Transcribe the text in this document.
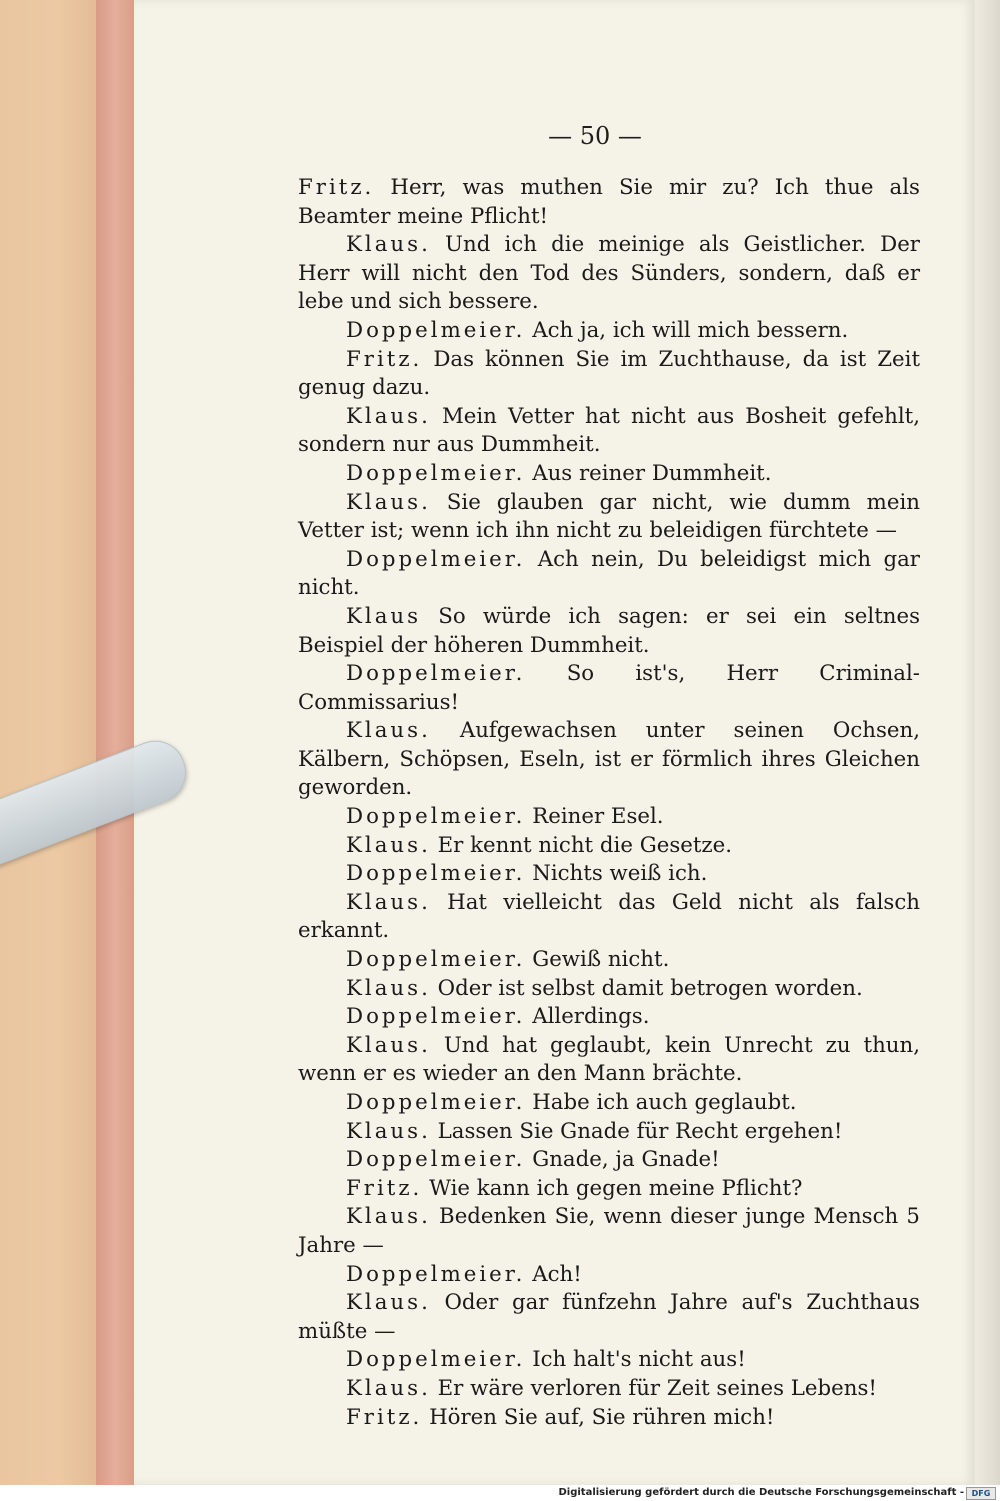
— 50 —

Fritz. Herr, was muthen Sie mir zu? Ich thue als Beamter meine Pflicht!

Klaus. Und ich die meinige als Geistlicher. Der Herr will nicht den Tod des Sünders, sondern, daß er lebe und sich bessere.

Doppelmeier. Ach ja, ich will mich bessern.

Fritz. Das können Sie im Zuchthause, da ist Zeit genug dazu.

Klaus. Mein Vetter hat nicht aus Bosheit gefehlt, sondern nur aus Dummheit.

Doppelmeier. Aus reiner Dummheit.

Klaus. Sie glauben gar nicht, wie dumm mein Vetter ist; wenn ich ihn nicht zu beleidigen fürchtete —

Doppelmeier. Ach nein, Du beleidigst mich gar nicht.

Klaus So würde ich sagen: er sei ein seltnes Beispiel der höheren Dummheit.

Doppelmeier. So ist's, Herr Criminal-Commissarius!

Klaus. Aufgewachsen unter seinen Ochsen, Kälbern, Schöpsen, Eseln, ist er förmlich ihres Gleichen geworden.

Doppelmeier. Reiner Esel.

Klaus. Er kennt nicht die Gesetze.

Doppelmeier. Nichts weiß ich.

Klaus. Hat vielleicht das Geld nicht als falsch erkannt.

Doppelmeier. Gewiß nicht.

Klaus. Oder ist selbst damit betrogen worden.

Doppelmeier. Allerdings.

Klaus. Und hat geglaubt, kein Unrecht zu thun, wenn er es wieder an den Mann brächte.

Doppelmeier. Habe ich auch geglaubt.

Klaus. Lassen Sie Gnade für Recht ergehen!

Doppelmeier. Gnade, ja Gnade!

Fritz. Wie kann ich gegen meine Pflicht?

Klaus. Bedenken Sie, wenn dieser junge Mensch 5 Jahre —

Doppelmeier. Ach!

Klaus. Oder gar fünfzehn Jahre auf's Zuchthaus müßte —

Doppelmeier. Ich halt's nicht aus!

Klaus. Er wäre verloren für Zeit seines Lebens!

Fritz. Hören Sie auf, Sie rühren mich!

Digitalisierung gefördert durch die Deutsche Forschungsgemeinschaft - DFG
